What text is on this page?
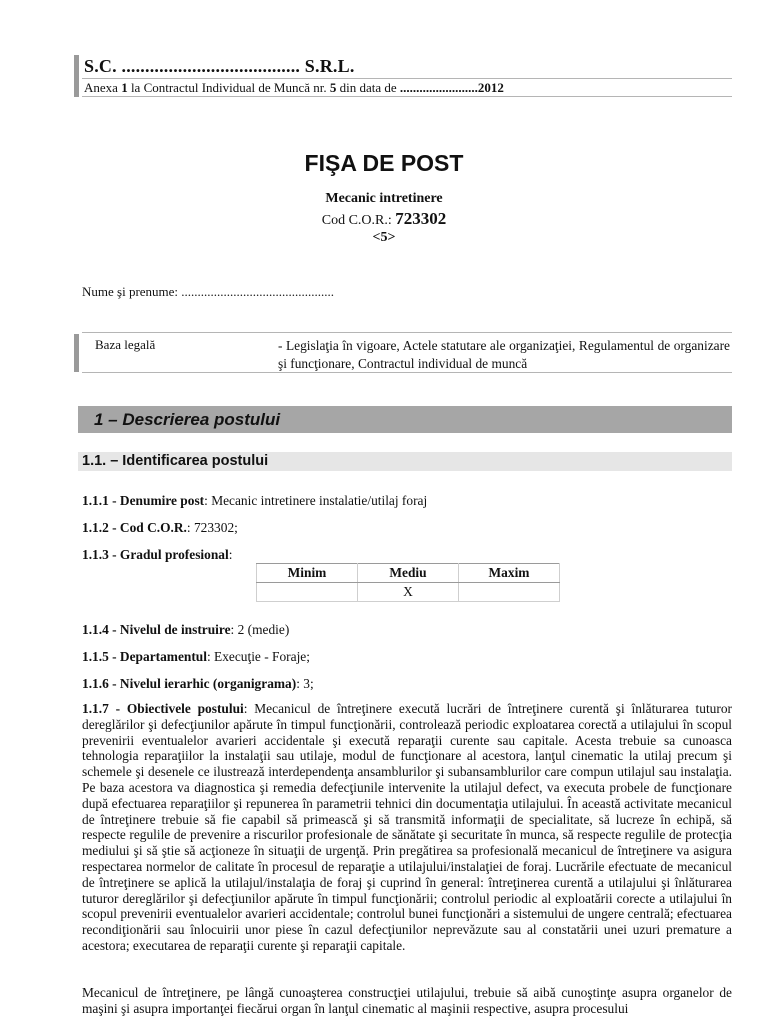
S.C. ...................................... S.R.L.
Anexa 1 la Contractul Individual de Muncă nr. 5 din data de ........................2012
FIŞA DE POST
Mecanic intretinere
Cod C.O.R.: 723302
<5>
Nume şi prenume: ...............................................
Baza legală	- Legislaţia în vigoare, Actele statutare ale organizaţiei, Regulamentul de organizare şi funcţionare, Contractul individual de muncă
1 – Descrierea postului
1.1. – Identificarea postului
1.1.1 - Denumire post: Mecanic intretinere instalatie/utilaj foraj
1.1.2 - Cod C.O.R.: 723302;
1.1.3 - Gradul profesional:
Minim	Mediu	Maxim
	X	
1.1.4 - Nivelul de instruire: 2 (medie)
1.1.5 - Departamentul: Execuţie - Foraje;
1.1.6 - Nivelul ierarhic (organigrama): 3;
1.1.7 - Obiectivele postului: Mecanicul de întreţinere execută lucrări de întreţinere curentă şi înlăturarea tuturor dereglărilor şi defecţiunilor apărute în timpul funcţionării, controlează periodic exploatarea corectă a utilajului în scopul prevenirii eventualelor avarieri accidentale şi execută reparaţii curente sau capitale. Acesta trebuie sa cunoasca tehnologia reparaţiilor la instalaţii sau utilaje, modul de funcţionare al acestora, lanţul cinematic la utilaj precum şi schemele şi desenele ce ilustrează interdependenţa ansamblurilor şi subansamblurilor care compun utilajul sau instalaţia. Pe baza acestora va diagnostica şi remedia defecţiunile intervenite la utilajul defect, va executa probele de funcţionare după efectuarea reparaţiilor şi repunerea în parametrii tehnici din documentaţia utilajului. În această activitate mecanicul de întreţinere trebuie să fie capabil să primească şi să transmită informaţii de specialitate, să lucreze în echipă, să respecte regulile de prevenire a riscurilor profesionale de sănătate şi securitate în munca, să respecte regulile de protecţia mediului şi să ştie să acţioneze în situaţii de urgenţă. Prin pregătirea sa profesională mecanicul de întreţinere va asigura respectarea normelor de calitate în procesul de reparaţie a utilajului/instalaţiei de foraj. Lucrările efectuate de mecanicul de întreţinere se aplică la utilajul/instalaţia de foraj şi cuprind în general: întreţinerea curentă a utilajului şi înlăturarea tuturor dereglărilor şi defecţiunilor apărute în timpul funcţionării; controlul periodic al exploatării corecte a utilajului în scopul prevenirii eventualelor avarieri accidentale; controlul bunei funcţionări a sistemului de ungere centrală; efectuarea recondiţionării sau înlocuirii unor piese în cazul defecţiunilor neprevăzute sau al constatării unei uzuri premature a acestora; executarea de reparaţii curente şi reparaţii capitale.
Mecanicul de întreţinere, pe lângă cunoaşterea construcţiei utilajului, trebuie să aibă cunoştinţe asupra organelor de maşini şi asupra importanţei fiecărui organ în lanţul cinematic al maşinii respective, asupra procesului
